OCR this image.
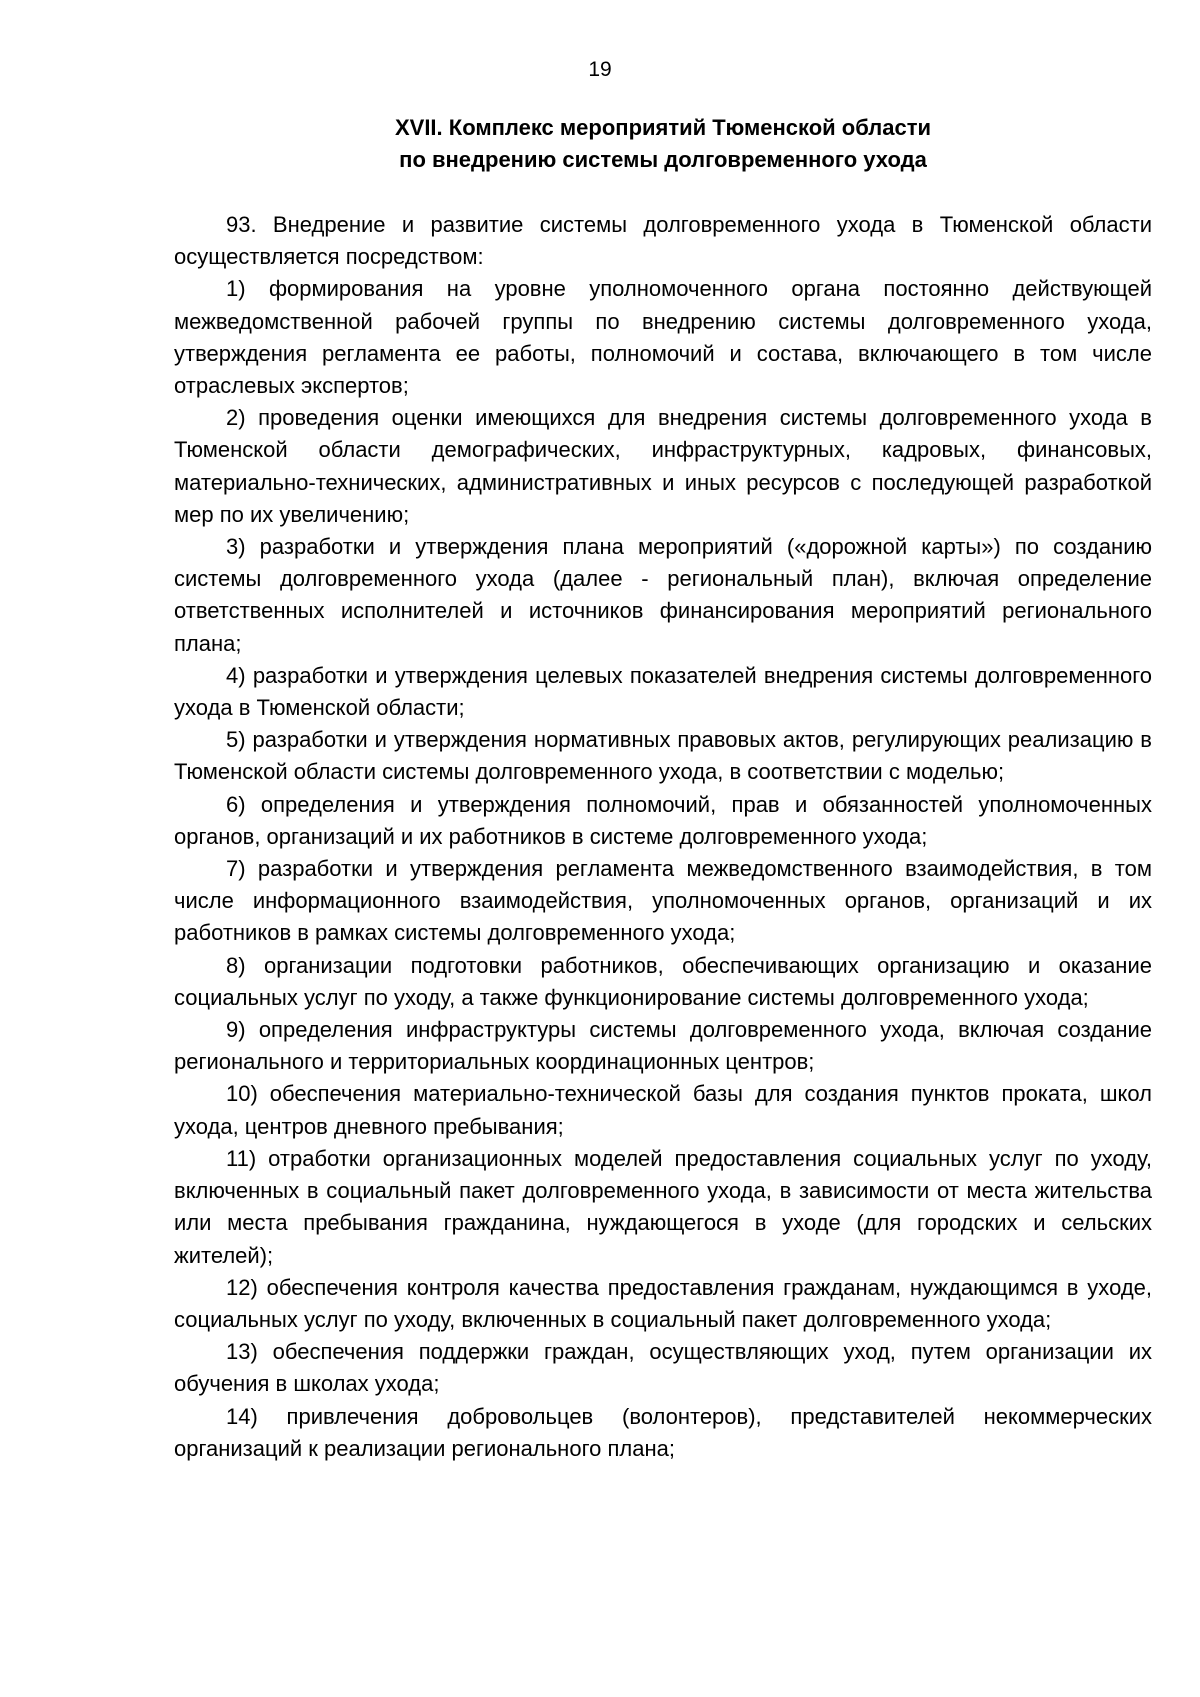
19
XVII. Комплекс мероприятий Тюменской области
по внедрению системы долговременного ухода

93. Внедрение и развитие системы долговременного ухода в Тюменской области осуществляется посредством:

1) формирования на уровне уполномоченного органа постоянно действующей межведомственной рабочей группы по внедрению системы долговременного ухода, утверждения регламента ее работы, полномочий и состава, включающего в том числе отраслевых экспертов;

2) проведения оценки имеющихся для внедрения системы долговременного ухода в Тюменской области демографических, инфраструктурных, кадровых, финансовых, материально-технических, административных и иных ресурсов с последующей разработкой мер по их увеличению;

3) разработки и утверждения плана мероприятий («дорожной карты») по созданию системы долговременного ухода (далее - региональный план), включая определение ответственных исполнителей и источников финансирования мероприятий регионального плана;

4) разработки и утверждения целевых показателей внедрения системы долговременного ухода в Тюменской области;

5) разработки и утверждения нормативных правовых актов, регулирующих реализацию в Тюменской области системы долговременного ухода, в соответствии с моделью;

6) определения и утверждения полномочий, прав и обязанностей уполномоченных органов, организаций и их работников в системе долговременного ухода;

7) разработки и утверждения регламента межведомственного взаимодействия, в том числе информационного взаимодействия, уполномоченных органов, организаций и их работников в рамках системы долговременного ухода;

8) организации подготовки работников, обеспечивающих организацию и оказание социальных услуг по уходу, а также функционирование системы долговременного ухода;

9) определения инфраструктуры системы долговременного ухода, включая создание регионального и территориальных координационных центров;

10) обеспечения материально-технической базы для создания пунктов проката, школ ухода, центров дневного пребывания;

11) отработки организационных моделей предоставления социальных услуг по уходу, включенных в социальный пакет долговременного ухода, в зависимости от места жительства или места пребывания гражданина, нуждающегося в уходе (для городских и сельских жителей);

12) обеспечения контроля качества предоставления гражданам, нуждающимся в уходе, социальных услуг по уходу, включенных в социальный пакет долговременного ухода;

13) обеспечения поддержки граждан, осуществляющих уход, путем организации их обучения в школах ухода;

14) привлечения добровольцев (волонтеров), представителей некоммерческих организаций к реализации регионального плана;
